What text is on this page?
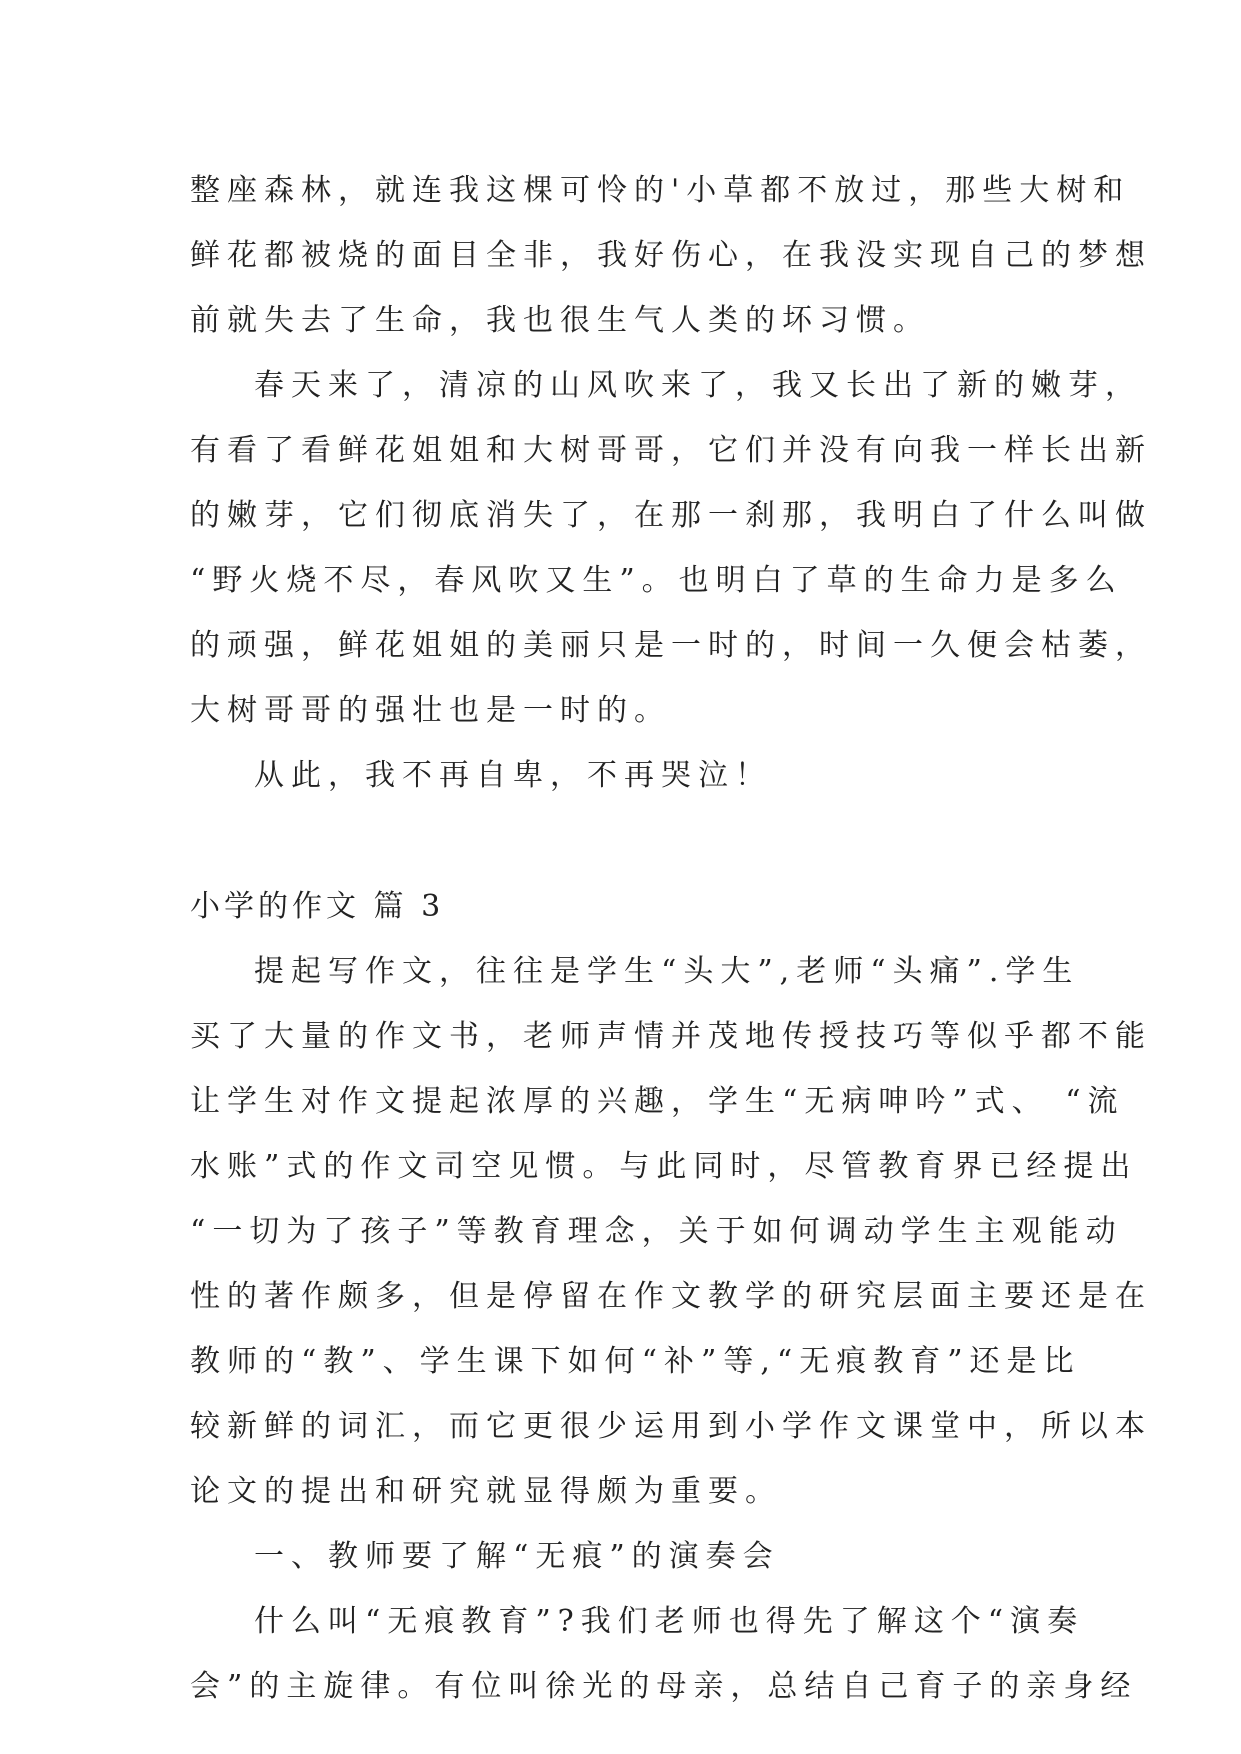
整座森林，就连我这棵可怜的'小草都不放过，那些大树和
鲜花都被烧的面目全非，我好伤心，在我没实现自己的梦想
前就失去了生命，我也很生气人类的坏习惯。
春天来了，清凉的山风吹来了，我又长出了新的嫩芽，
有看了看鲜花姐姐和大树哥哥，它们并没有向我一样长出新
的嫩芽，它们彻底消失了，在那一刹那，我明白了什么叫做
“野火烧不尽，春风吹又生”。也明白了草的生命力是多么
的顽强，鲜花姐姐的美丽只是一时的，时间一久便会枯萎，
大树哥哥的强壮也是一时的。
从此，我不再自卑，不再哭泣！
小学的作文 篇 3
提起写作文，往往是学生“头大”,老师“头痛”.学生
买了大量的作文书，老师声情并茂地传授技巧等似乎都不能
让学生对作文提起浓厚的兴趣，学生“无病呻吟”式、 “流
水账”式的作文司空见惯。与此同时，尽管教育界已经提出
“一切为了孩子”等教育理念，关于如何调动学生主观能动
性的著作颇多，但是停留在作文教学的研究层面主要还是在
教师的“教”、学生课下如何“补”等,“无痕教育”还是比
较新鲜的词汇，而它更很少运用到小学作文课堂中，所以本
论文的提出和研究就显得颇为重要。
一、教师要了解“无痕”的演奏会
什么叫“无痕教育”?我们老师也得先了解这个“演奏
会”的主旋律。有位叫徐光的母亲，总结自己育子的亲身经
